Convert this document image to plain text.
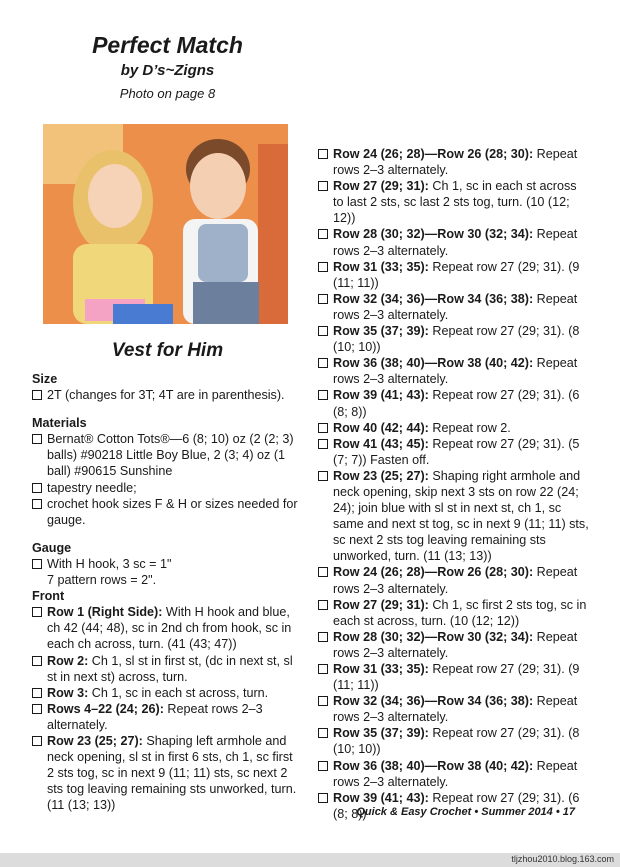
Perfect Match
by D’s~Zigns
Photo on page 8
Vest for Him
Size
2T (changes for 3T; 4T are in parenthesis).
Materials
Bernat® Cotton Tots®—6 (8; 10) oz (2 (2; 3) balls) #90218 Little Boy Blue, 2 (3; 4) oz (1 ball) #90615 Sunshine
tapestry needle;
crochet hook sizes F & H or sizes needed for gauge.
Gauge
With H hook, 3 sc = 1"
7 pattern rows = 2".
Front
Row 1 (Right Side): With H hook and blue, ch 42 (44; 48), sc in 2nd ch from hook, sc in each ch across, turn. (41 (43; 47))
Row 2: Ch 1, sl st in first st, (dc in next st, sl st in next st) across, turn.
Row 3: Ch 1, sc in each st across, turn.
Rows 4–22 (24; 26): Repeat rows 2–3 alternately.
Row 23 (25; 27): Shaping left armhole and neck opening, sl st in first 6 sts, ch 1, sc first 2 sts tog, sc in next 9 (11; 11) sts, sc next 2 sts tog leaving remaining sts unworked, turn. (11 (13; 13))
Row 24 (26; 28)—Row 26 (28; 30): Repeat rows 2–3 alternately.
Row 27 (29; 31): Ch 1, sc in each st across to last 2 sts, sc last 2 sts tog, turn. (10 (12; 12))
Row 28 (30; 32)—Row 30 (32; 34): Repeat rows 2–3 alternately.
Row 31 (33; 35): Repeat row 27 (29; 31). (9 (11; 11))
Row 32 (34; 36)—Row 34 (36; 38): Repeat rows 2–3 alternately.
Row 35 (37; 39): Repeat row 27 (29; 31). (8 (10; 10))
Row 36 (38; 40)—Row 38 (40; 42): Repeat rows 2–3 alternately.
Row 39 (41; 43): Repeat row 27 (29; 31). (6 (8; 8))
Row 40 (42; 44): Repeat row 2.
Row 41 (43; 45): Repeat row 27 (29; 31). (5 (7; 7)) Fasten off.
Row 23 (25; 27): Shaping right armhole and neck opening, skip next 3 sts on row 22 (24; 24); join blue with sl st in next st, ch 1, sc same and next st tog, sc in next 9 (11; 11) sts, sc next 2 sts tog leaving remaining sts unworked, turn. (11 (13; 13))
Row 24 (26; 28)—Row 26 (28; 30): Repeat rows 2–3 alternately.
Row 27 (29; 31): Ch 1, sc first 2 sts tog, sc in each st across, turn. (10 (12; 12))
Row 28 (30; 32)—Row 30 (32; 34): Repeat rows 2–3 alternately.
Row 31 (33; 35): Repeat row 27 (29; 31). (9 (11; 11))
Row 32 (34; 36)—Row 34 (36; 38): Repeat rows 2–3 alternately.
Row 35 (37; 39): Repeat row 27 (29; 31). (8 (10; 10))
Row 36 (38; 40)—Row 38 (40; 42): Repeat rows 2–3 alternately.
Row 39 (41; 43): Repeat row 27 (29; 31). (6 (8; 8))
Quick & Easy Crochet • Summer 2014 • 17
tljzhou2010.blog.163.com
